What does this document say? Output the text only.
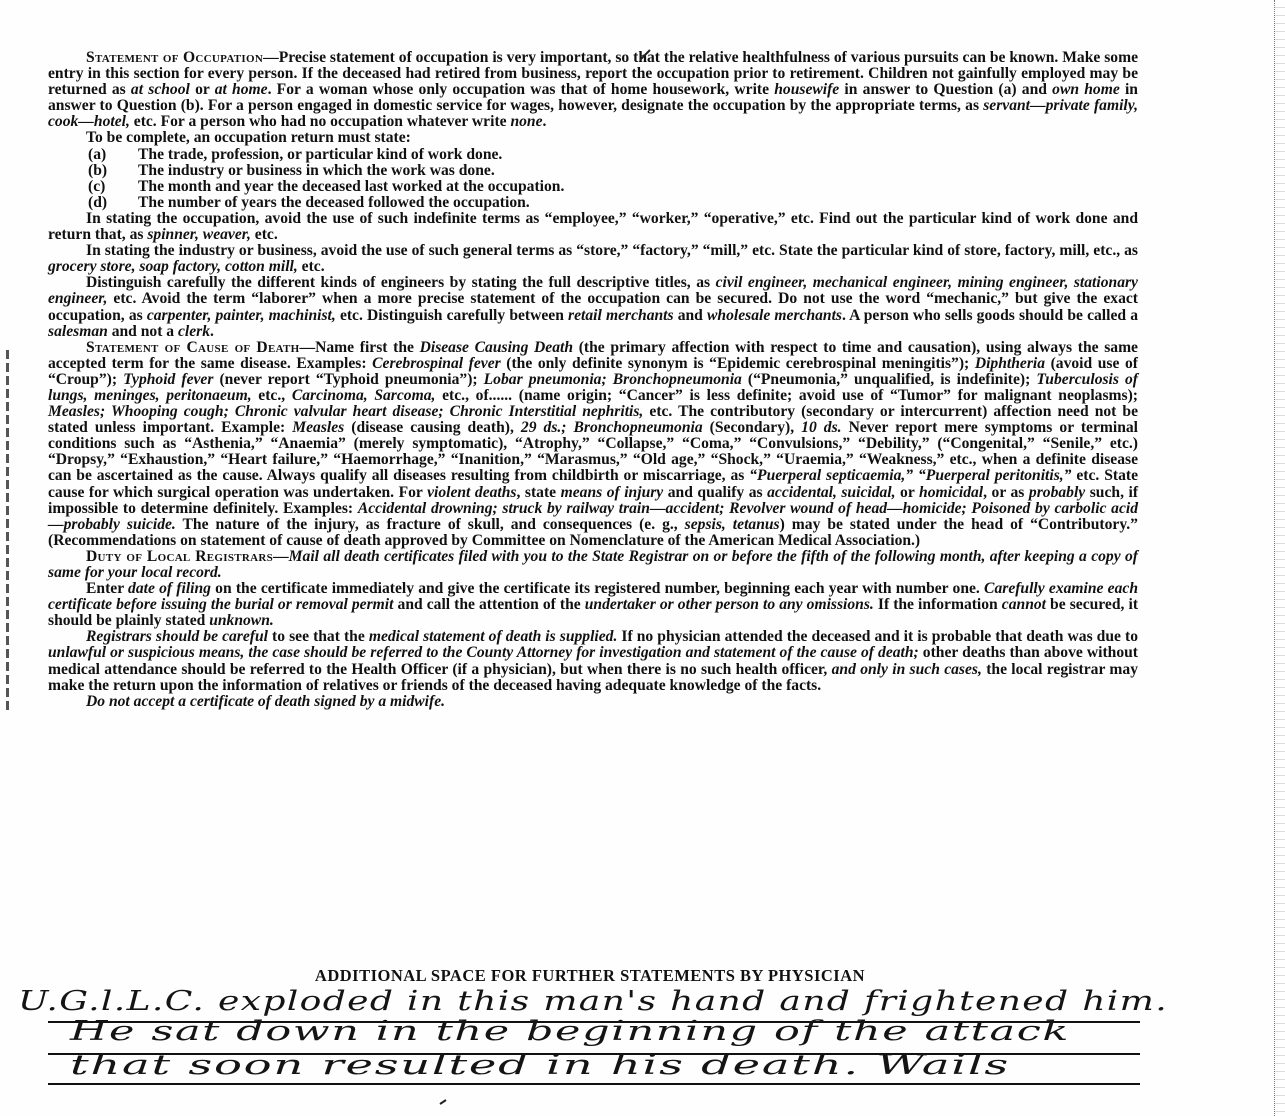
Statement of Occupation—Precise statement of occupation is very important, so that the relative healthfulness of various pursuits can be known. Make some entry in this section for every person. If the deceased had retired from business, report the occupation prior to retirement. Children not gainfully employed may be returned as at school or at home. For a woman whose only occupation was that of home housework, write housewife in answer to Question (a) and own home in answer to Question (b). For a person engaged in domestic service for wages, however, designate the occupation by the appropriate terms, as servant—private family, cook—hotel, etc. For a person who had no occupation whatever write none.

To be complete, an occupation return must state:

(a)	The trade, profession, or particular kind of work done.
(b)	The industry or business in which the work was done.
(c)	The month and year the deceased last worked at the occupation.
(d)	The number of years the deceased followed the occupation.

In stating the occupation, avoid the use of such indefinite terms as “employee,” “worker,” “operative,” etc. Find out the particular kind of work done and return that, as spinner, weaver, etc.

In stating the industry or business, avoid the use of such general terms as “store,” “factory,” “mill,” etc. State the particular kind of store, factory, mill, etc., as grocery store, soap factory, cotton mill, etc.

Distinguish carefully the different kinds of engineers by stating the full descriptive titles, as civil engineer, mechanical engineer, mining engineer, stationary engineer, etc. Avoid the term “laborer” when a more precise statement of the occupation can be secured. Do not use the word “mechanic,” but give the exact occupation, as carpenter, painter, machinist, etc. Distinguish carefully between retail merchants and wholesale merchants. A person who sells goods should be called a salesman and not a clerk.

Statement of Cause of Death—Name first the Disease Causing Death (the primary affection with respect to time and causation), using always the same accepted term for the same disease. Examples: Cerebrospinal fever (the only definite synonym is “Epidemic cerebrospinal meningitis”); Diphtheria (avoid use of “Croup”); Typhoid fever (never report “Typhoid pneumonia”); Lobar pneumonia; Bronchopneumonia (“Pneumonia,” unqualified, is indefinite); Tuberculosis of lungs, meninges, peritonaeum, etc., Carcinoma, Sarcoma, etc., of...... (name origin; “Cancer” is less definite; avoid use of “Tumor” for malignant neoplasms); Measles; Whooping cough; Chronic valvular heart disease; Chronic Interstitial nephritis, etc. The contributory (secondary or intercurrent) affection need not be stated unless important. Example: Measles (disease causing death), 29 ds.; Bronchopneumonia (Secondary), 10 ds. Never report mere symptoms or terminal conditions such as “Asthenia,” “Anaemia” (merely symptomatic), “Atrophy,” “Collapse,” “Coma,” “Convulsions,” “Debility,” (“Congenital,” “Senile,” etc.) “Dropsy,” “Exhaustion,” “Heart failure,” “Haemorrhage,” “Inanition,” “Marasmus,” “Old age,” “Shock,” “Uraemia,” “Weakness,” etc., when a definite disease can be ascertained as the cause. Always qualify all diseases resulting from childbirth or miscarriage, as “Puerperal septicaemia,” “Puerperal peritonitis,” etc. State cause for which surgical operation was undertaken. For violent deaths, state means of injury and qualify as accidental, suicidal, or homicidal, or as probably such, if impossible to determine definitely. Examples: Accidental drowning; struck by railway train—accident; Revolver wound of head—homicide; Poisoned by carbolic acid—probably suicide. The nature of the injury, as fracture of skull, and consequences (e. g., sepsis, tetanus) may be stated under the head of “Contributory.” (Recommendations on statement of cause of death approved by Committee on Nomenclature of the American Medical Association.)

Duty of Local Registrars—Mail all death certificates filed with you to the State Registrar on or before the fifth of the following month, after keeping a copy of same for your local record.

Enter date of filing on the certificate immediately and give the certificate its registered number, beginning each year with number one. Carefully examine each certificate before issuing the burial or removal permit and call the attention of the undertaker or other person to any omissions. If the information cannot be secured, it should be plainly stated unknown.

Registrars should be careful to see that the medical statement of death is supplied. If no physician attended the deceased and it is probable that death was due to unlawful or suspicious means, the case should be referred to the County Attorney for investigation and statement of the cause of death; other deaths than above without medical attendance should be referred to the Health Officer (if a physician), but when there is no such health officer, and only in such cases, the local registrar may make the return upon the information of relatives or friends of the deceased having adequate knowledge of the facts.

Do not accept a certificate of death signed by a midwife.

ADDITIONAL SPACE FOR FURTHER STATEMENTS BY PHYSICIAN
U.G.l.L.C. exploded in this man's hand and frightened him.
He sat down in the beginning of the attack
that soon resulted in his death. Wails
